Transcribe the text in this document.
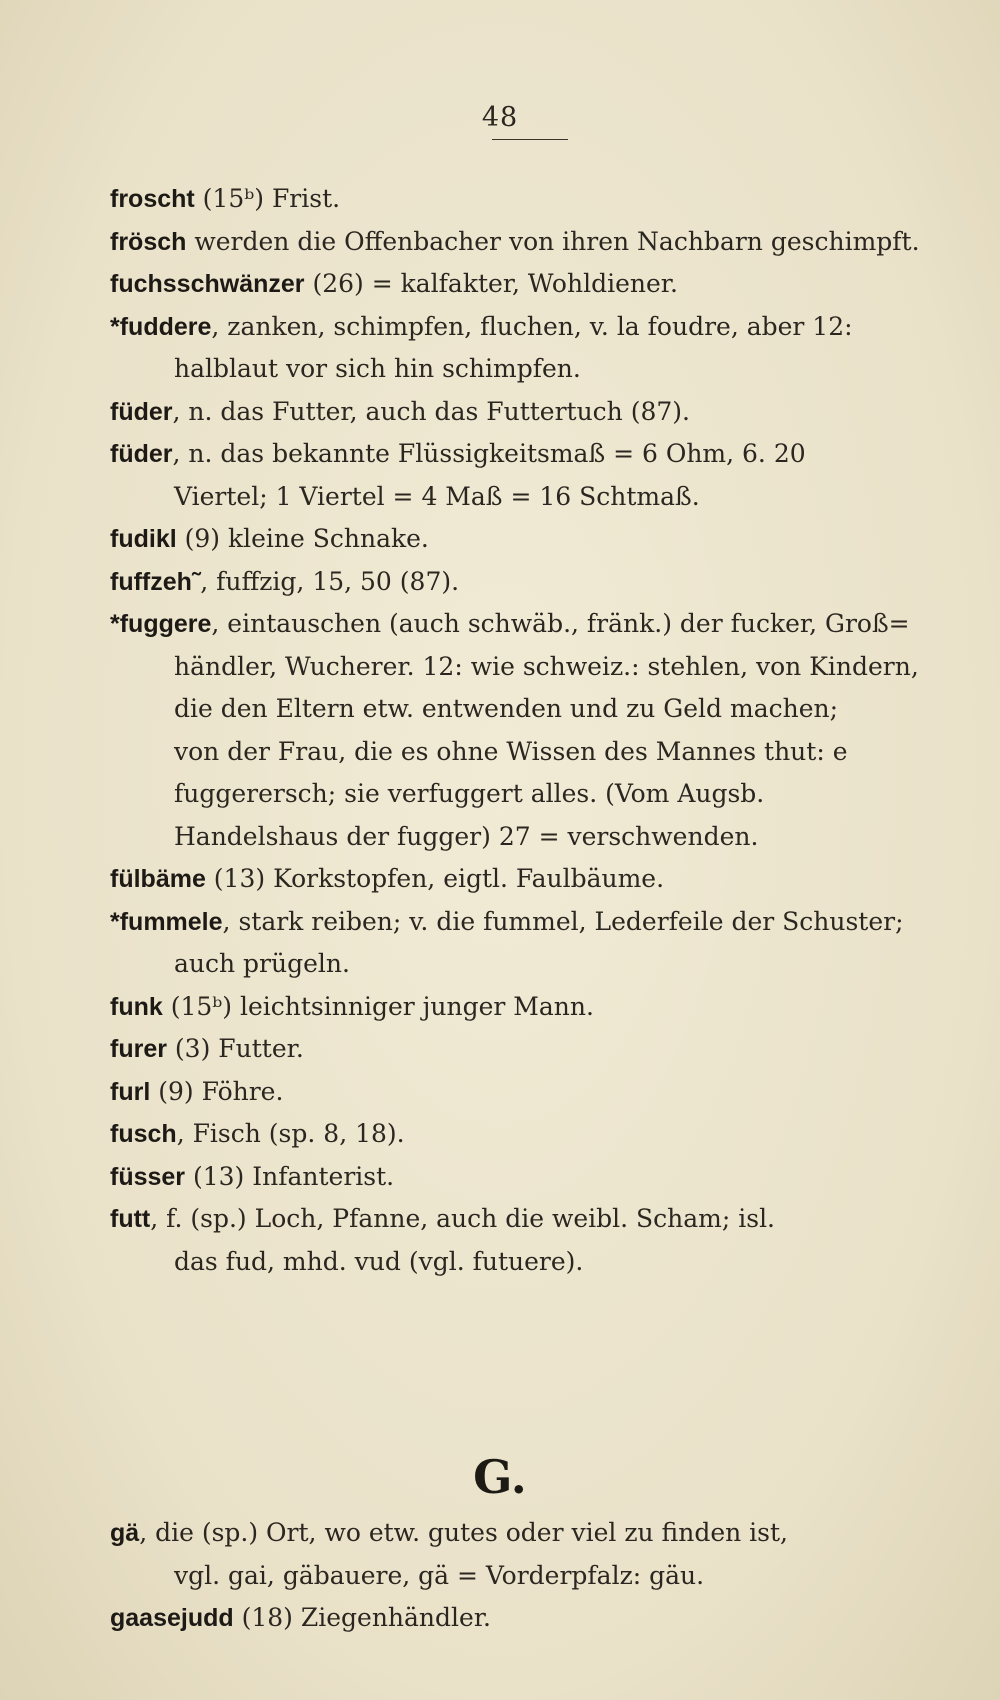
48
froscht (15ᵇ) Frist.
frösch werden die Offenbacher von ihren Nachbarn geschimpft.
fuchsschwänzer (26) = kalfakter, Wohldiener.
*fuddere, zanken, schimpfen, fluchen, v. la foudre, aber 12:
halblaut vor sich hin schimpfen.
füder, n. das Futter, auch das Futtertuch (87).
füder, n. das bekannte Flüssigkeitsmaß = 6 Ohm, 6. 20
Viertel; 1 Viertel = 4 Maß = 16 Schtmaß.
fudikl (9) kleine Schnake.
fuffzeh˜, fuffzig, 15, 50 (87).
*fuggere, eintauschen (auch schwäb., fränk.) der fucker, Groß=
händler, Wucherer. 12: wie schweiz.: stehlen, von Kindern,
die den Eltern etw. entwenden und zu Geld machen;
von der Frau, die es ohne Wissen des Mannes thut: e
fuggerersch; sie verfuggert alles. (Vom Augsb.
Handelshaus der fugger) 27 = verschwenden.
fülbäme (13) Korkstopfen, eigtl. Faulbäume.
*fummele, stark reiben; v. die fummel, Lederfeile der Schuster;
auch prügeln.
funk (15ᵇ) leichtsinniger junger Mann.
furer (3) Futter.
furl (9) Föhre.
fusch, Fisch (sp. 8, 18).
füsser (13) Infanterist.
futt, f. (sp.) Loch, Pfanne, auch die weibl. Scham; isl.
das fud, mhd. vud (vgl. futuere).
G.
gä, die (sp.) Ort, wo etw. gutes oder viel zu finden ist,
vgl. gai, gäbauere, gä = Vorderpfalz: gäu.
gaasejudd (18) Ziegenhändler.
